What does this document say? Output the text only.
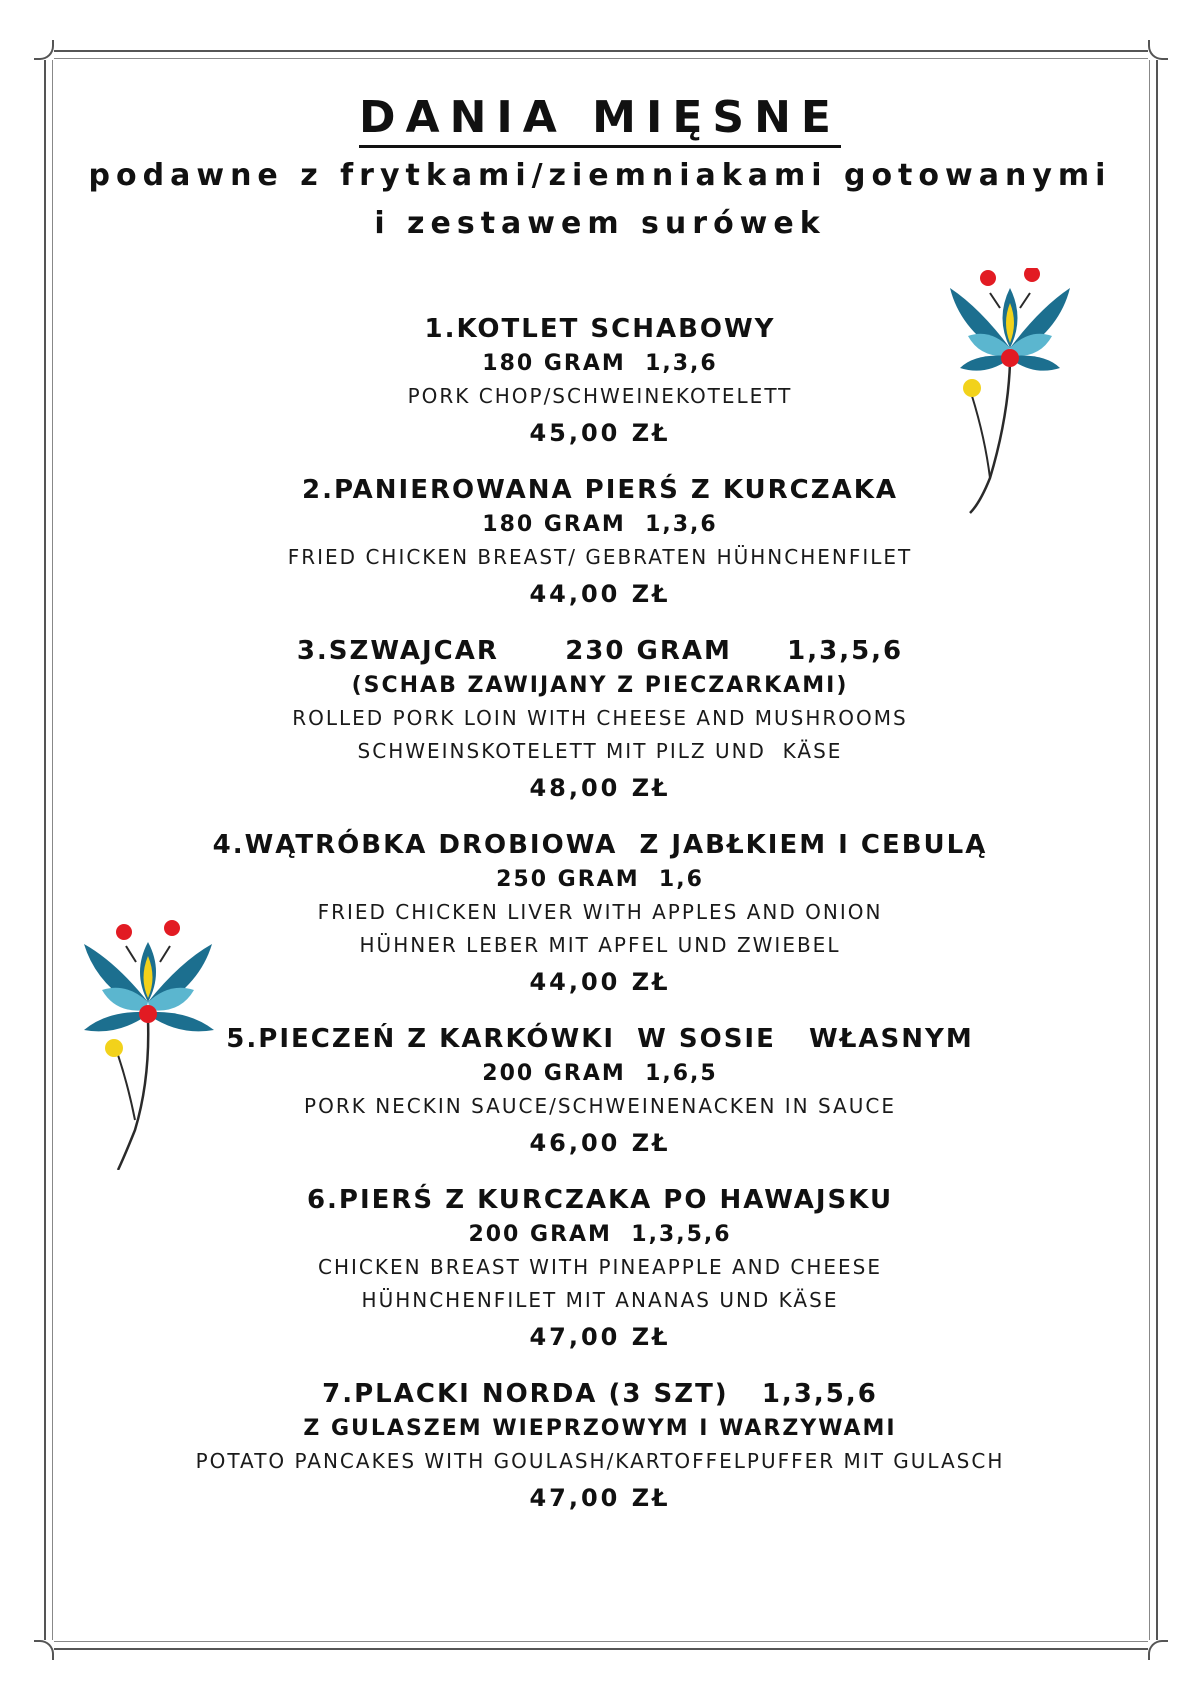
DANIA MIĘSNE
podawne z frytkami/ziemniakami gotowanymi
i zestawem surówek
1.KOTLET SCHABOWY
180 GRAM  1,3,6
PORK CHOP/SCHWEINEKOTELETT
45,00 ZŁ
2.PANIEROWANA PIERŚ Z KURCZAKA
180 GRAM  1,3,6
FRIED CHICKEN BREAST/ GEBRATEN HÜHNCHENFILET
44,00 ZŁ
3.SZWAJCAR      230 GRAM     1,3,5,6
(SCHAB ZAWIJANY Z PIECZARKAMI)
ROLLED PORK LOIN WITH CHEESE AND MUSHROOMS
SCHWEINSKOTELETT MIT PILZ UND  KÄSE
48,00 ZŁ
4.WĄTRÓBKA DROBIOWA  Z JABŁKIEM I CEBULĄ
250 GRAM  1,6
FRIED CHICKEN LIVER WITH APPLES AND ONION
HÜHNER LEBER MIT APFEL UND ZWIEBEL
44,00 ZŁ
5.PIECZEŃ Z KARKÓWKI  W SOSIE   WŁASNYM
200 GRAM  1,6,5
PORK NECKIN SAUCE/SCHWEINENACKEN IN SAUCE
46,00 ZŁ
6.PIERŚ Z KURCZAKA PO HAWAJSKU
200 GRAM  1,3,5,6
CHICKEN BREAST WITH PINEAPPLE AND CHEESE
HÜHNCHENFILET MIT ANANAS UND KÄSE
47,00 ZŁ
7.PLACKI NORDA (3 SZT)   1,3,5,6
Z GULASZEM WIEPRZOWYM I WARZYWAMI
POTATO PANCAKES WITH GOULASH/KARTOFFELPUFFER MIT GULASCH
47,00 ZŁ
